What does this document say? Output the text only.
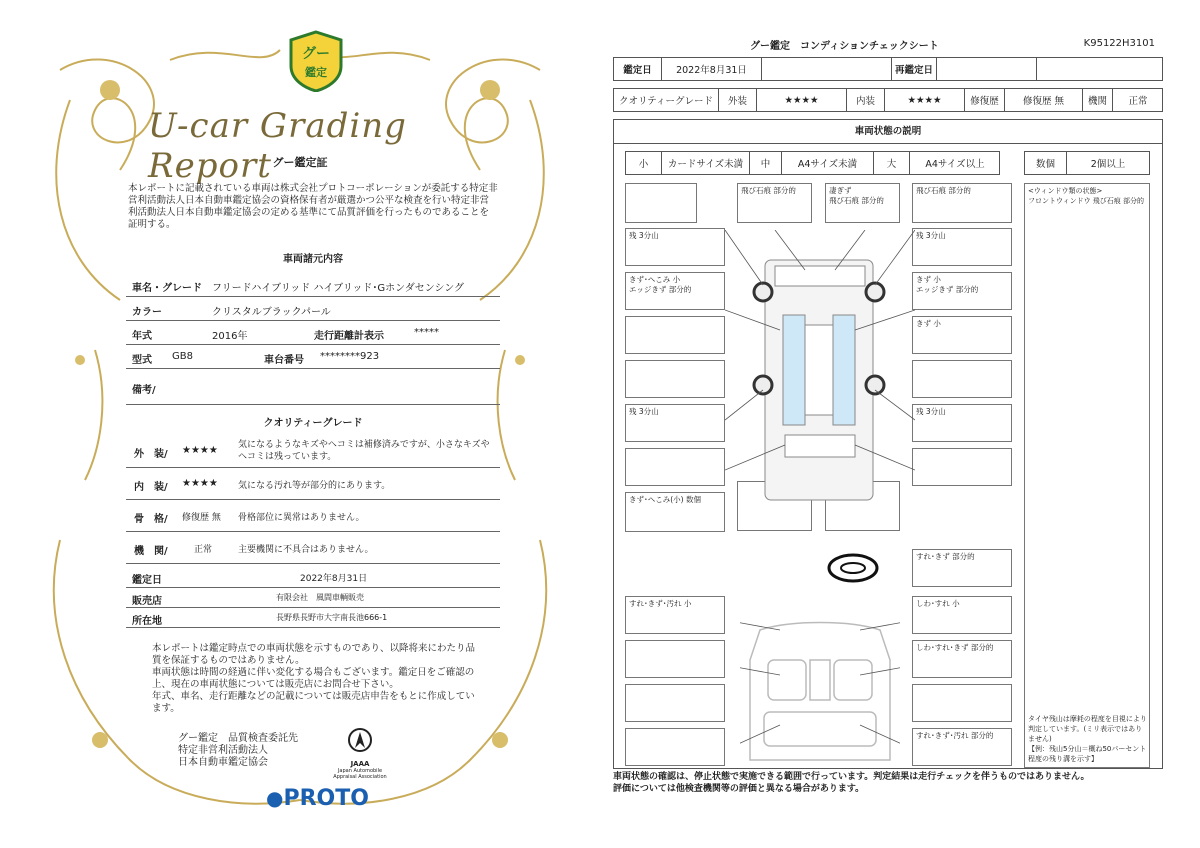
グー
鑑定
U-car Grading Report グー鑑定証
本レポートに記載されている車両は株式会社プロトコーポレーションが委託する特定非営利活動法人日本自動車鑑定協会の資格保有者が厳選かつ公平な検査を行い特定非営利活動法人日本自動車鑑定協会の定める基準にて品質評価を行ったものであることを証明する。
車両諸元内容
車名・グレード フリードハイブリッド ハイブリッド･Gホンダセンシング
カラー	クリスタルブラックパール
年式	2016年	走行距離計表示	*****
型式 GB8	車台番号 ********923
備考/
クオリティーグレード
外　装/ ★★★★ 気になるようなキズやヘコミは補修済みですが、小さなキズやヘコミは残っています。
内　装/ ★★★★ 気になる汚れ等が部分的にあります。
骨　格/ 修復歴 無 骨格部位に異常はありません。
機　関/	正常	主要機関に不具合はありません。
鑑定日	2022年8月31日
販売店	有限会社　風間車輌販売
所在地	長野県長野市大字南長池666-1
本レポートは鑑定時点での車両状態を示すものであり、以降将来にわたり品質を保証するものではありません。
車両状態は時間の経過に伴い変化する場合もございます。鑑定日をご確認の上、現在の車両状態については販売店にお問合せ下さい。
年式、車名、走行距離などの記載については販売店申告をもとに作成しています。
グー鑑定　品質検査委託先
特定非営利活動法人
日本自動車鑑定協会	JAAA
Japan Automobile Appraisal Association
●PROTO
グー鑑定　コンディションチェックシート	K95122H3101
鑑定日	2022年8月31日	再鑑定日
クオリティーグレード	外装	★★★★	内装	★★★★	修復歴	修復歴 無	機関	正常
車両状態の説明
小	カードサイズ未満	中	A4サイズ未満	大	A4サイズ以上	数個	2個以上
飛び石痕 部分的	凄ぎず
飛び石痕 部分的
飛び石痕 部分的
残 3分山	残 3分山
きず･へこみ 小
エッジきず 部分的
きず 小
エッジきず 部分的
きず 小
残 3分山	残 3分山
きず･へこみ(小) 数個
すれ･きず 部分的
すれ･きず･汚れ 小	しわ･すれ 小
しわ･すれ･きず 部分的
すれ･きず･汚れ 部分的
<ウィンドウ類の状態>
フロントウィンドウ 飛び石痕 部分的
タイヤ残山は摩耗の程度を目視により判定しています。(ミリ表示ではありません)
【例：残山5分山＝概ね50パーセント程度の残り溝を示す】
車両状態の確認は、停止状態で実施できる範囲で行っています。判定結果は走行チェックを伴うものではありません。
評価については他検査機関等の評価と異なる場合があります。
